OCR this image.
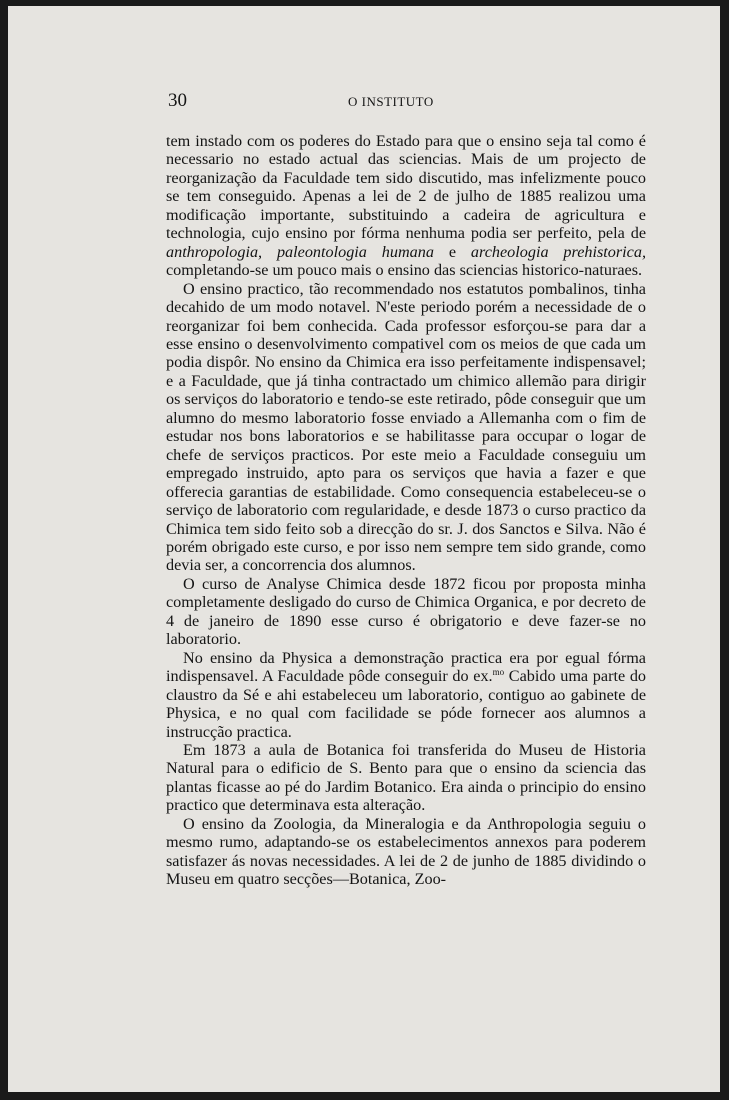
30	O INSTITUTO

tem instado com os poderes do Estado para que o ensino seja tal como é necessario no estado actual das sciencias. Mais de um projecto de reorganização da Faculdade tem sido discutido, mas infelizmente pouco se tem conseguido. Apenas a lei de 2 de julho de 1885 realizou uma modificação importante, substituindo a cadeira de agricultura e technologia, cujo ensino por fórma nenhuma podia ser perfeito, pela de anthropologia, paleontologia humana e archeologia prehistorica, completando-se um pouco mais o ensino das sciencias historico-naturaes.

O ensino practico, tão recommendado nos estatutos pombalinos, tinha decahido de um modo notavel. N'este periodo porém a necessidade de o reorganizar foi bem conhecida. Cada professor esforçou-se para dar a esse ensino o desenvolvimento compativel com os meios de que cada um podia dispôr. No ensino da Chimica era isso perfeitamente indispensavel; e a Faculdade, que já tinha contractado um chimico allemão para dirigir os serviços do laboratorio e tendo-se este retirado, pôde conseguir que um alumno do mesmo laboratorio fosse enviado a Allemanha com o fim de estudar nos bons laboratorios e se habilitasse para occupar o logar de chefe de serviços practicos. Por este meio a Faculdade conseguiu um empregado instruido, apto para os serviços que havia a fazer e que offerecia garantias de estabilidade. Como consequencia estabeleceu-se o serviço de laboratorio com regularidade, e desde 1873 o curso practico da Chimica tem sido feito sob a direcção do sr. J. dos Sanctos e Silva. Não é porém obrigado este curso, e por isso nem sempre tem sido grande, como devia ser, a concorrencia dos alumnos.

O curso de Analyse Chimica desde 1872 ficou por proposta minha completamente desligado do curso de Chimica Organica, e por decreto de 4 de janeiro de 1890 esse curso é obrigatorio e deve fazer-se no laboratorio.

No ensino da Physica a demonstração practica era por egual fórma indispensavel. A Faculdade pôde conseguir do ex.$^{mo}$ Cabido uma parte do claustro da Sé e ahi estabeleceu um laboratorio, contiguo ao gabinete de Physica, e no qual com facilidade se póde fornecer aos alumnos a instrucção practica.

Em 1873 a aula de Botanica foi transferida do Museu de Historia Natural para o edificio de S. Bento para que o ensino da sciencia das plantas ficasse ao pé do Jardim Botanico. Era ainda o principio do ensino practico que determinava esta alteração.

O ensino da Zoologia, da Mineralogia e da Anthropologia seguiu o mesmo rumo, adaptando-se os estabelecimentos annexos para poderem satisfazer ás novas necessidades. A lei de 2 de junho de 1885 dividindo o Museu em quatro secções—Botanica, Zoo-
